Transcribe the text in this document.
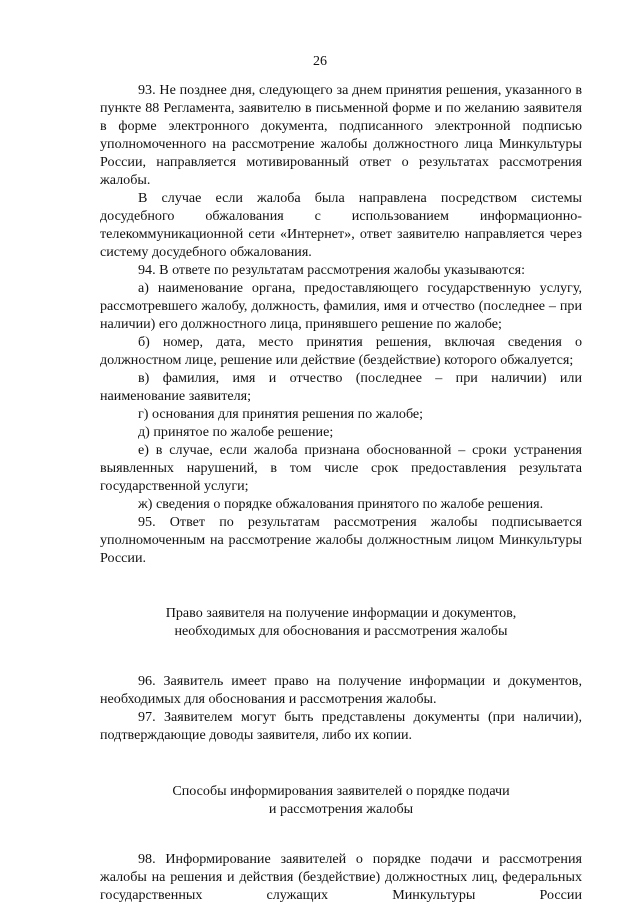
26

93. Не позднее дня, следующего за днем принятия решения, указанного в пункте 88 Регламента, заявителю в письменной форме и по желанию заявителя в форме электронного документа, подписанного электронной подписью уполномоченного на рассмотрение жалобы должностного лица Минкультуры России, направляется мотивированный ответ о результатах рассмотрения жалобы.

В случае если жалоба была направлена посредством системы досудебного обжалования с использованием информационно-телекоммуникационной сети «Интернет», ответ заявителю направляется через систему досудебного обжалования.

94. В ответе по результатам рассмотрения жалобы указываются:

а) наименование органа, предоставляющего государственную услугу, рассмотревшего жалобу, должность, фамилия, имя и отчество (последнее – при наличии) его должностного лица, принявшего решение по жалобе;

б) номер, дата, место принятия решения, включая сведения о должностном лице, решение или действие (бездействие) которого обжалуется;

в) фамилия, имя и отчество (последнее – при наличии) или наименование заявителя;

г) основания для принятия решения по жалобе;

д) принятое по жалобе решение;

е) в случае, если жалоба признана обоснованной – сроки устранения выявленных нарушений, в том числе срок предоставления результата государственной услуги;

ж) сведения о порядке обжалования принятого по жалобе решения.

95. Ответ по результатам рассмотрения жалобы подписывается уполномоченным на рассмотрение жалобы должностным лицом Минкультуры России.

Право заявителя на получение информации и документов,
необходимых для обоснования и рассмотрения жалобы

96. Заявитель имеет право на получение информации и документов, необходимых для обоснования и рассмотрения жалобы.

97. Заявителем могут быть представлены документы (при наличии), подтверждающие доводы заявителя, либо их копии.

Способы информирования заявителей о порядке подачи
и рассмотрения жалобы

98. Информирование заявителей о порядке подачи и рассмотрения жалобы на решения и действия (бездействие) должностных лиц, федеральных государственных служащих Минкультуры России
